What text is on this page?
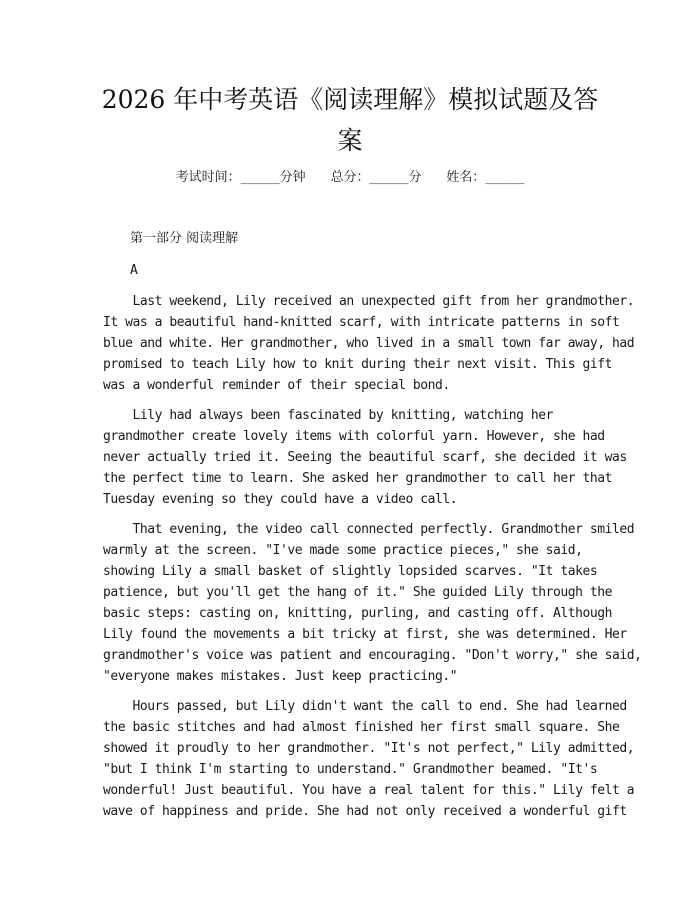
2026 年中考英语《阅读理解》模拟试题及答
案
考试时间：______分钟 总分：______分 姓名：______
第一部分 阅读理解
A
Last weekend, Lily received an unexpected gift from her grandmother.
It was a beautiful hand-knitted scarf, with intricate patterns in soft
blue and white. Her grandmother, who lived in a small town far away, had
promised to teach Lily how to knit during their next visit. This gift
was a wonderful reminder of their special bond.
Lily had always been fascinated by knitting, watching her
grandmother create lovely items with colorful yarn. However, she had
never actually tried it. Seeing the beautiful scarf, she decided it was
the perfect time to learn. She asked her grandmother to call her that
Tuesday evening so they could have a video call.
That evening, the video call connected perfectly. Grandmother smiled
warmly at the screen. "I've made some practice pieces," she said,
showing Lily a small basket of slightly lopsided scarves. "It takes
patience, but you'll get the hang of it." She guided Lily through the
basic steps: casting on, knitting, purling, and casting off. Although
Lily found the movements a bit tricky at first, she was determined. Her
grandmother's voice was patient and encouraging. "Don't worry," she said,
"everyone makes mistakes. Just keep practicing."
Hours passed, but Lily didn't want the call to end. She had learned
the basic stitches and had almost finished her first small square. She
showed it proudly to her grandmother. "It's not perfect," Lily admitted,
"but I think I'm starting to understand." Grandmother beamed. "It's
wonderful! Just beautiful. You have a real talent for this." Lily felt a
wave of happiness and pride. She had not only received a wonderful gift
